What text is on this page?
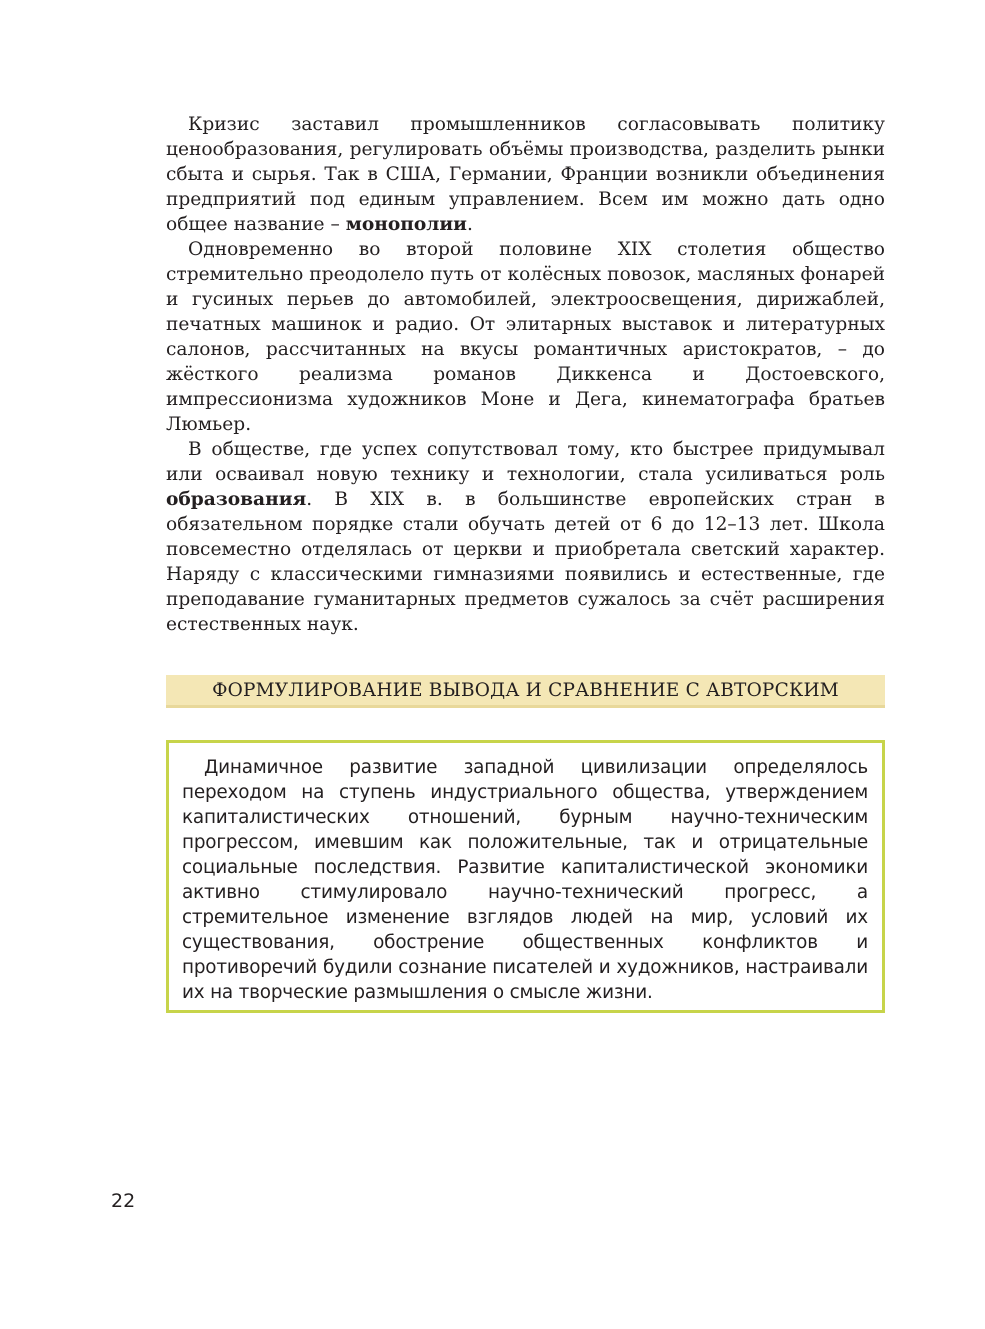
Кризис заставил промышленников согласовывать политику ценообразования, регулировать объёмы производства, разделить рынки сбыта и сырья. Так в США, Германии, Франции возникли объединения предприятий под единым управлением. Всем им можно дать одно общее название – монополии.

Одновременно во второй половине XIX столетия общество стремительно преодолело путь от колёсных повозок, масляных фонарей и гусиных перьев до автомобилей, электроосвещения, дирижаблей, печатных машинок и радио. От элитарных выставок и литературных салонов, рассчитанных на вкусы романтичных аристократов, – до жёсткого реализма романов Диккенса и Достоевского, импрессионизма художников Моне и Дега, кинематографа братьев Люмьер.

В обществе, где успех сопутствовал тому, кто быстрее придумывал или осваивал новую технику и технологии, стала усиливаться роль образования. В XIX в. в большинстве европейских стран в обязательном порядке стали обучать детей от 6 до 12–13 лет. Школа повсеместно отделялась от церкви и приобретала светский характер. Наряду с классическими гимназиями появились и естественные, где преподавание гуманитарных предметов сужалось за счёт расширения естественных наук.

ФОРМУЛИРОВАНИЕ ВЫВОДА И СРАВНЕНИЕ С АВТОРСКИМ

Динамичное развитие западной цивилизации определялось переходом на ступень индустриального общества, утверждением капиталистических отношений, бурным научно-техническим прогрессом, имевшим как положительные, так и отрицательные социальные последствия. Развитие капиталистической экономики активно стимулировало научно-технический прогресс, а стремительное изменение взглядов людей на мир, условий их существования, обострение общественных конфликтов и противоречий будили сознание писателей и художников, настраивали их на творческие размышления о смысле жизни.

22
